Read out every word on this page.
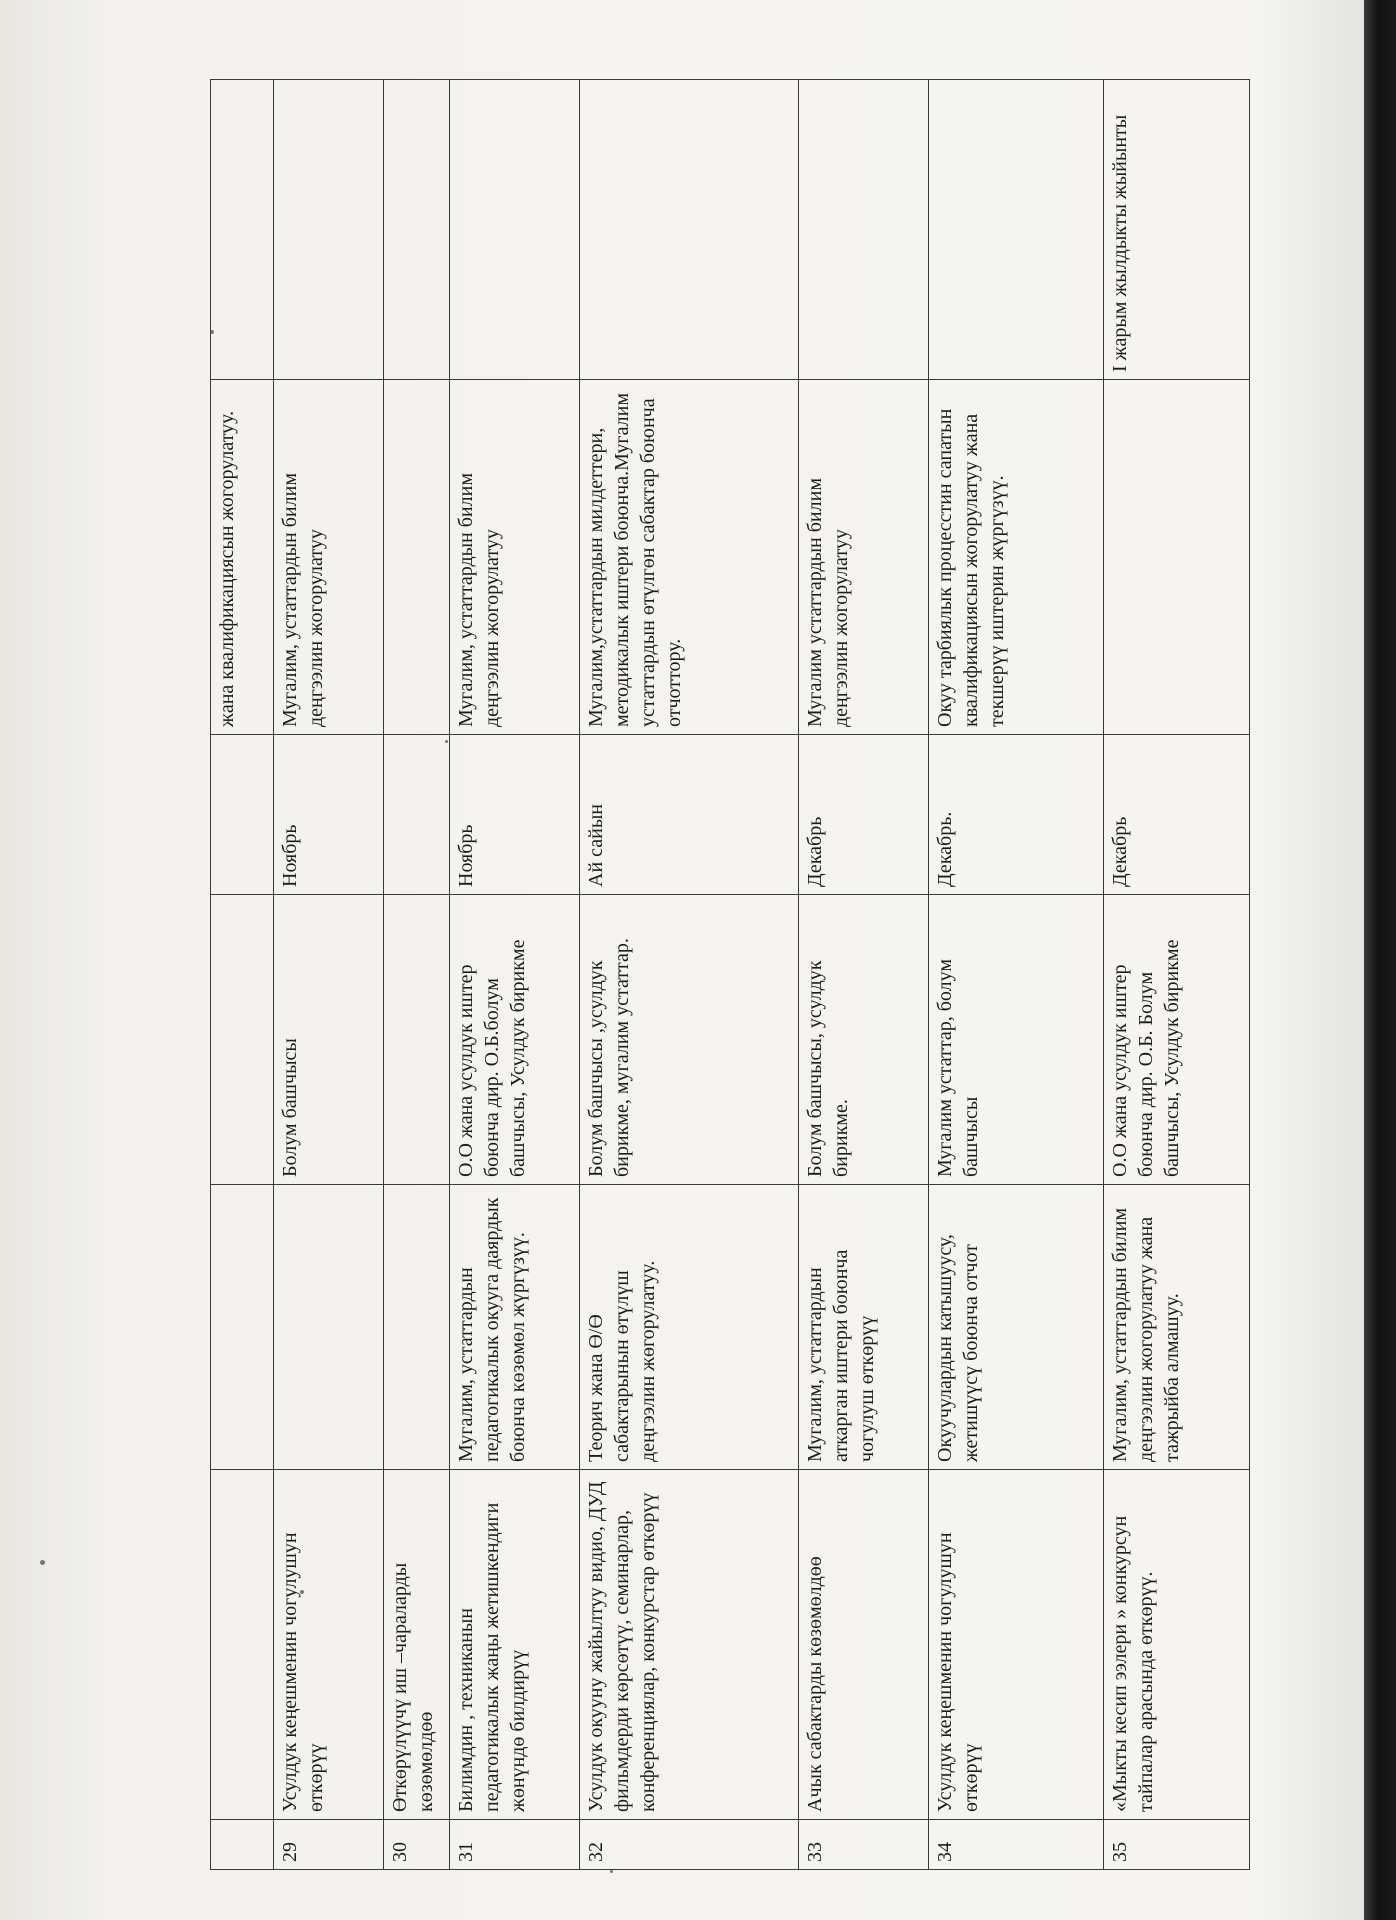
					жана квалификациясын жогорулатуу.	
29	Усулдук кеңешменин чогулушун өткөрүү		Болум башчысы	Ноябрь	Мугалим, устаттардын билим деңгээлин жогорулатуу	
30	Өткөрүлүүчү иш –чараларды көзөмөлдөө					
31	Билимдин , техниканын педагогикалык жаңы жетишкендиги жөнүндө билдирүү	Мугалим, устаттардын педагогикалык окууга даярдык боюнча көзөмөл жүргүзүү.	О.О жана усулдук иштер боюнча дир. О.Б.болум башчысы, Усулдук бирикме	Ноябрь	Мугалим, устаттардын билим деңгээлин жогорулатуу	
32	Усулдук окууну жайылтуу видио, ДУД фильмдерди көрсөтүү, семинарлар, конференциялар, конкурстар өткөрүү	Теорич жана Ө/Ө сабактарынын өтүлүш деңгээлин жөгорулатуу.	Болум башчысы ,усулдук бирикме, мугалим устаттар.	Ай сайын	Мугалим,устаттардын милдеттери, методикалык иштери боюнча.Мугалим устаттардын өтүлгөн сабактар боюнча отчоттору.	
33	Ачык сабактарды көзөмөлдөө	Мугалим, устаттардын аткарган иштери боюнча чогулуш өткөрүү	Болум башчысы, усулдук бирикме.	Декабрь	Мугалим устаттардын билим деңгээлин жогорулатуу	
34	Усулдук кеңешменин чогулушун өткөрүү	Окуучулардын катышуусу, жетишүүсү боюнча отчот	Мугалим устаттар, болум башчысы	Декабрь.	Окуу тарбиялык процесстин сапатын квалификациясын жогорулатуу жана текшерүү иштерин жүргүзүү.	
35	«Мыкты кесип ээлери » конкурсун тайпалар арасында өткөрүү.	Мугалим, устаттардын билим деңгээлин жогорулатуу жана тажрыйба алмашуу.	О.О жана усулдук иштер боюнча дир. О.Б. Болум башчысы, Усулдук бирикме	Декабрь		I жарым жылдыкты жыйынты
